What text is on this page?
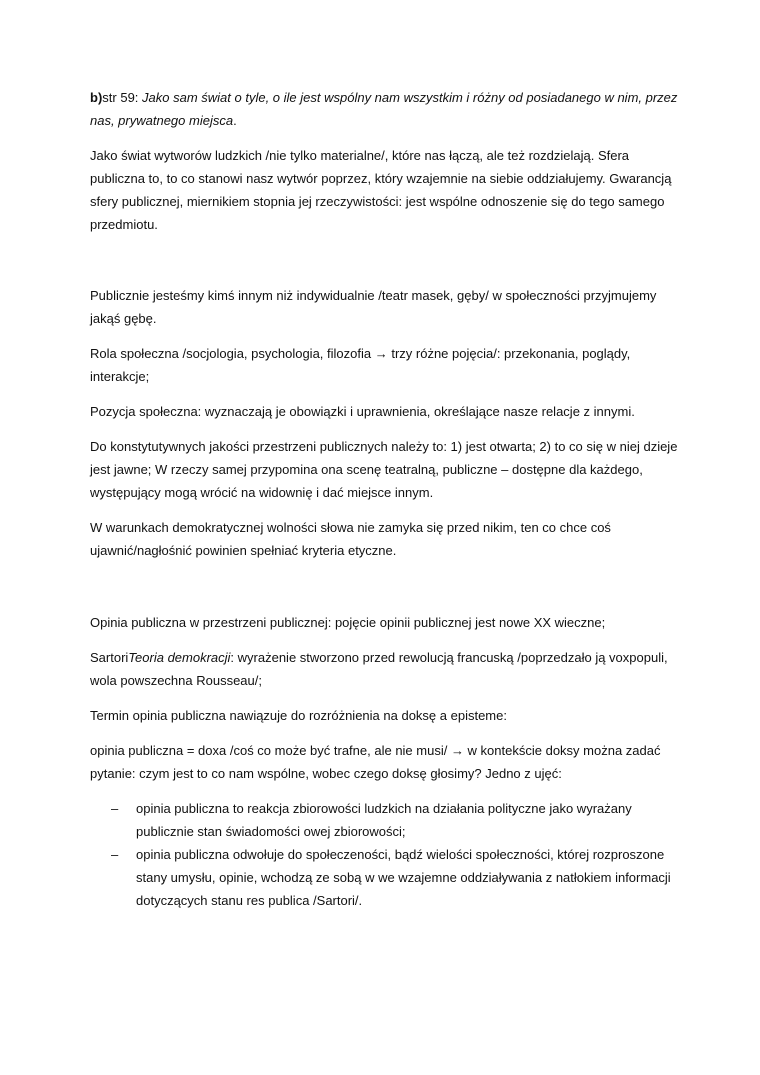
b)str 59: Jako sam świat o tyle, o ile jest wspólny nam wszystkim i różny od posiadanego w nim, przez nas, prywatnego miejsca.

Jako świat wytworów ludzkich /nie tylko materialne/, które nas łączą, ale też rozdzielają. Sfera publiczna to, to co stanowi nasz wytwór poprzez, który wzajemnie na siebie oddziałujemy. Gwarancją sfery publicznej, miernikiem stopnia jej rzeczywistości: jest wspólne odnoszenie się do tego samego przedmiotu.

Publicznie jesteśmy kimś innym niż indywidualnie /teatr masek, gęby/ w społeczności przyjmujemy jakąś gębę.

Rola społeczna /socjologia, psychologia, filozofia → trzy różne pojęcia/: przekonania, poglądy, interakcje;

Pozycja społeczna: wyznaczają je obowiązki i uprawnienia, określające nasze relacje z innymi.

Do konstytutywnych jakości przestrzeni publicznych należy to: 1) jest otwarta; 2) to co się w niej dzieje jest jawne; W rzeczy samej przypomina ona scenę teatralną, publiczne – dostępne dla każdego, występujący mogą wrócić na widownię i dać miejsce innym.

W warunkach demokratycznej wolności słowa nie zamyka się przed nikim, ten co chce coś ujawnić/nagłośnić powinien spełniać kryteria etyczne.

Opinia publiczna w przestrzeni publicznej: pojęcie opinii publicznej jest nowe XX wieczne;

SartoriTeoria demokracji: wyrażenie stworzono przed rewolucją francuską /poprzedzało ją voxpopuli, wola powszechna Rousseau/;

Termin opinia publiczna nawiązuje do rozróżnienia na doksę a episteme:

opinia publiczna = doxa /coś co może być trafne, ale nie musi/ → w kontekście doksy można zadać pytanie: czym jest to co nam wspólne, wobec czego doksę głosimy? Jedno z ujęć:

– opinia publiczna to reakcja zbiorowości ludzkich na działania polityczne jako wyrażany publicznie stan świadomości owej zbiorowości;
– opinia publiczna odwołuje do społeczeności, bądź wielości społeczności, której rozproszone stany umysłu, opinie, wchodzą ze sobą w we wzajemne oddziaływania z natłokiem informacji dotyczących stanu res publica /Sartori/.
